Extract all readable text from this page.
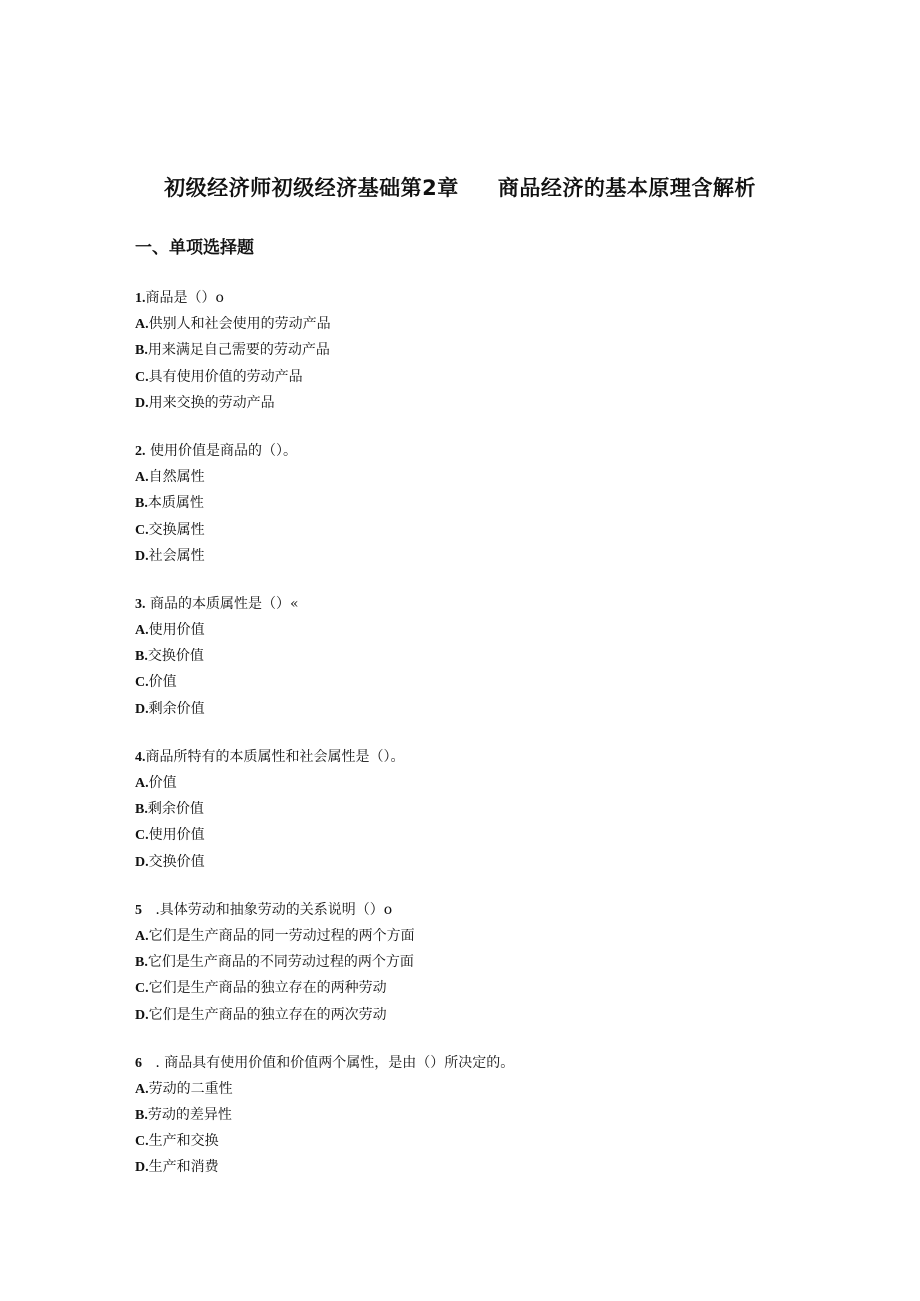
初级经济师初级经济基础第2章     商品经济的基本原理含解析
一、单项选择题
1.商品是（）o
A.供别人和社会使用的劳动产品
B.用来满足自己需要的劳动产品
C.具有使用价值的劳动产品
D.用来交换的劳动产品
2. 使用价值是商品的（）。
A.自然属性
B.本质属性
C.交换属性
D.社会属性
3. 商品的本质属性是（）«
A.使用价值
B.交换价值
C.价值
D.剩余价值
4.商品所特有的本质属性和社会属性是（）。
A.价值
B.剩余价值
C.使用价值
D.交换价值
5   .具体劳动和抽象劳动的关系说明（）o
A.它们是生产商品的同一劳动过程的两个方面
B.它们是生产商品的不同劳动过程的两个方面
C.它们是生产商品的独立存在的两种劳动
D.它们是生产商品的独立存在的两次劳动
6   . 商品具有使用价值和价值两个属性，是由（）所决定的。
A.劳动的二重性
B.劳动的差异性
C.生产和交换
D.生产和消费
